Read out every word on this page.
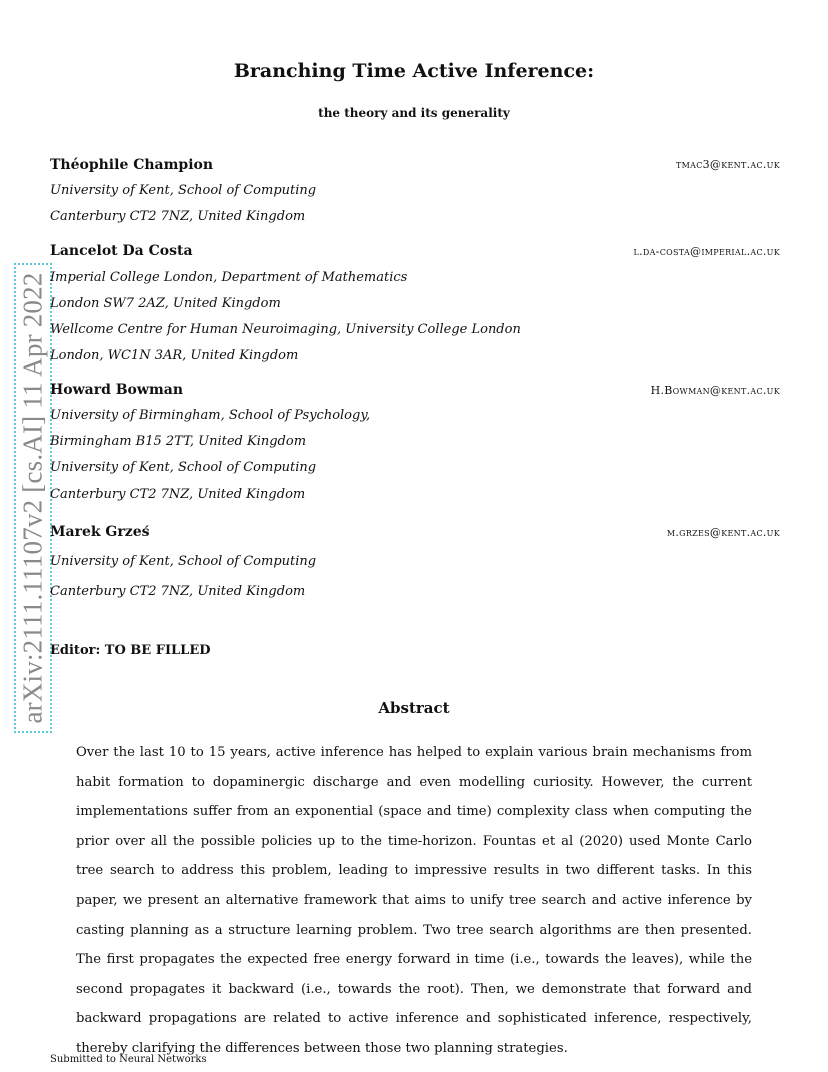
arXiv:2111.11107v2 [cs.AI] 11 Apr 2022
Branching Time Active Inference:
the theory and its generality
Théophile Champion	tmac3@kent.ac.uk
University of Kent, School of Computing
Canterbury CT2 7NZ, United Kingdom
Lancelot Da Costa	l.da-costa@imperial.ac.uk
Imperial College London, Department of Mathematics
London SW7 2AZ, United Kingdom
Wellcome Centre for Human Neuroimaging, University College London
London, WC1N 3AR, United Kingdom
Howard Bowman	H.Bowman@kent.ac.uk
University of Birmingham, School of Psychology,
Birmingham B15 2TT, United Kingdom
University of Kent, School of Computing
Canterbury CT2 7NZ, United Kingdom
Marek Grześ	m.grzes@kent.ac.uk
University of Kent, School of Computing
Canterbury CT2 7NZ, United Kingdom
Editor: TO BE FILLED
Abstract
Over the last 10 to 15 years, active inference has helped to explain various brain mechanisms from habit formation to dopaminergic discharge and even modelling curiosity. However, the current implementations suffer from an exponential (space and time) complexity class when computing the prior over all the possible policies up to the time-horizon. Fountas et al (2020) used Monte Carlo tree search to address this problem, leading to impressive results in two different tasks. In this paper, we present an alternative framework that aims to unify tree search and active inference by casting planning as a structure learning problem. Two tree search algorithms are then presented. The first propagates the expected free energy forward in time (i.e., towards the leaves), while the second propagates it backward (i.e., towards the root). Then, we demonstrate that forward and backward propagations are related to active inference and sophisticated inference, respectively, thereby clarifying the differences between those two planning strategies.
Submitted to Neural Networks
